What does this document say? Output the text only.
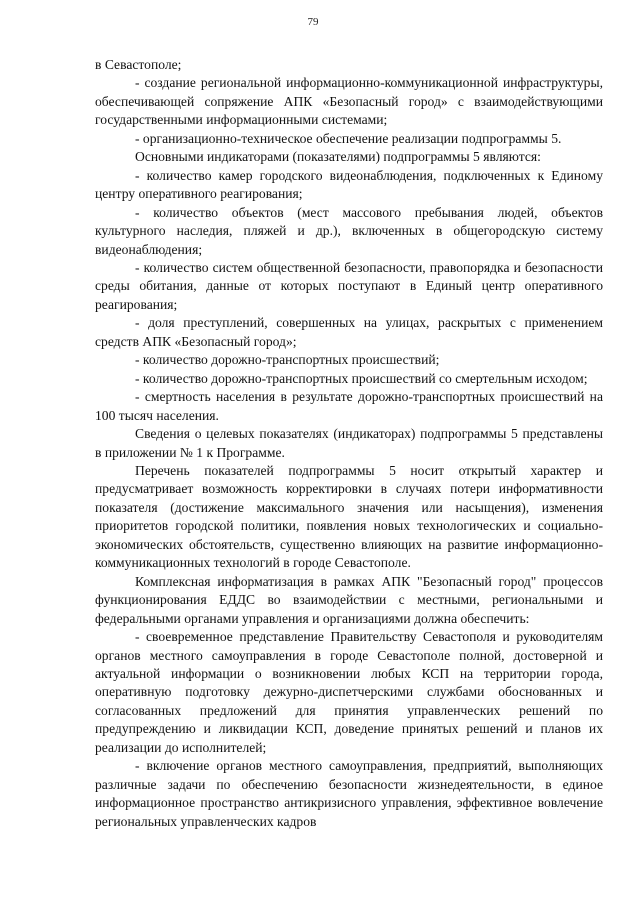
79

в Севастополе;

- создание региональной информационно-коммуникационной инфраструктуры, обеспечивающей сопряжение АПК «Безопасный город» с взаимодействующими государственными информационными системами;

- организационно-техническое обеспечение реализации подпрограммы 5.

Основными индикаторами (показателями) подпрограммы 5 являются:

- количество камер городского видеонаблюдения, подключенных к Единому центру оперативного реагирования;

- количество объектов (мест массового пребывания людей, объектов культурного наследия, пляжей и др.), включенных в общегородскую систему видеонаблюдения;

- количество систем общественной безопасности, правопорядка и безопасности среды обитания, данные от которых поступают в Единый центр оперативного реагирования;

- доля преступлений, совершенных на улицах, раскрытых с применением средств АПК «Безопасный город»;

- количество дорожно-транспортных происшествий;

- количество дорожно-транспортных происшествий со смертельным исходом;

- смертность населения в результате дорожно-транспортных происшествий на 100 тысяч населения.

Сведения о целевых показателях (индикаторах) подпрограммы 5 представлены в приложении № 1 к Программе.

Перечень показателей подпрограммы 5 носит открытый характер и предусматривает возможность корректировки в случаях потери информативности показателя (достижение максимального значения или насыщения), изменения приоритетов городской политики, появления новых технологических и социально-экономических обстоятельств, существенно влияющих на развитие информационно-коммуникационных технологий в городе Севастополе.

Комплексная информатизация в рамках АПК "Безопасный город" процессов функционирования ЕДДС во взаимодействии с местными, региональными и федеральными органами управления и организациями должна обеспечить:

- своевременное представление Правительству Севастополя и руководителям органов местного самоуправления в городе Севастополе полной, достоверной и актуальной информации о возникновении любых КСП на территории города, оперативную подготовку дежурно-диспетчерскими службами обоснованных и согласованных предложений для принятия управленческих решений по предупреждению и ликвидации КСП, доведение принятых решений и планов их реализации до исполнителей;

- включение органов местного самоуправления, предприятий, выполняющих различные задачи по обеспечению безопасности жизнедеятельности, в единое информационное пространство антикризисного управления, эффективное вовлечение региональных управленческих кадров
